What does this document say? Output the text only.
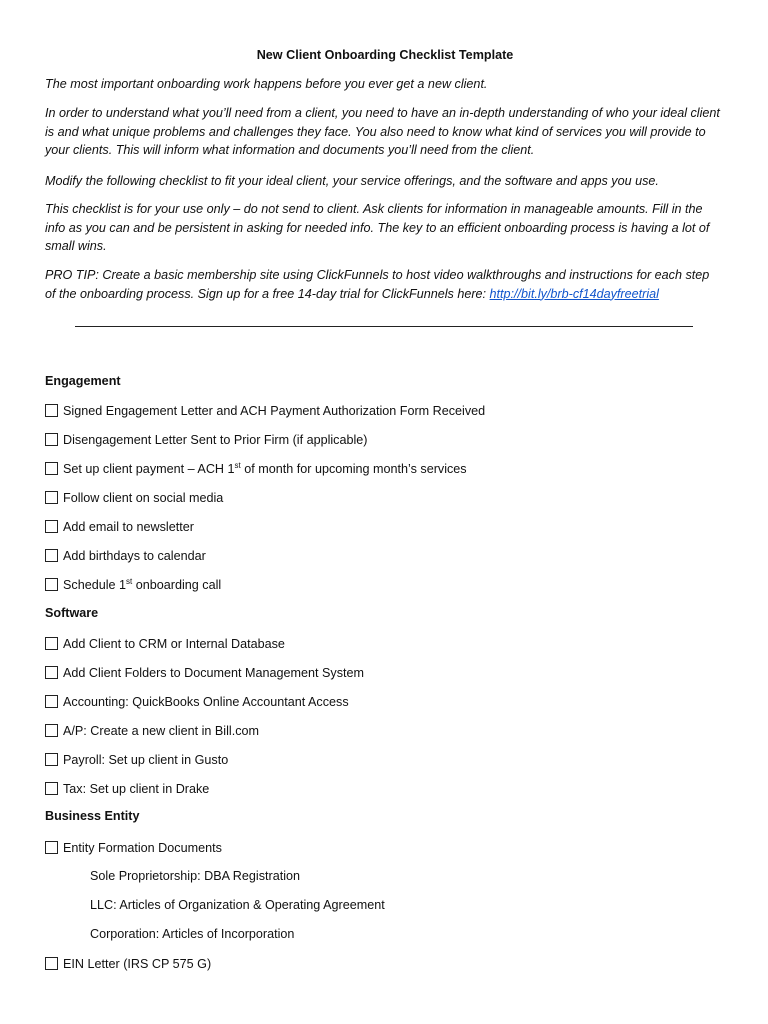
New Client Onboarding Checklist Template

The most important onboarding work happens before you ever get a new client.

In order to understand what you’ll need from a client, you need to have an in-depth understanding of who your ideal client is and what unique problems and challenges they face. You also need to know what kind of services you will provide to your clients. This will inform what information and documents you’ll need from the client.

Modify the following checklist to fit your ideal client, your service offerings, and the software and apps you use.

This checklist is for your use only – do not send to client. Ask clients for information in manageable amounts. Fill in the info as you can and be persistent in asking for needed info. The key to an efficient onboarding process is having a lot of small wins.

PRO TIP: Create a basic membership site using ClickFunnels to host video walkthroughs and instructions for each step of the onboarding process. Sign up for a free 14-day trial for ClickFunnels here: http://bit.ly/brb-cf14dayfreetrial

Engagement
Signed Engagement Letter and ACH Payment Authorization Form Received
Disengagement Letter Sent to Prior Firm (if applicable)
Set up client payment – ACH 1st of month for upcoming month’s services
Follow client on social media
Add email to newsletter
Add birthdays to calendar
Schedule 1st onboarding call
Software
Add Client to CRM or Internal Database
Add Client Folders to Document Management System
Accounting: QuickBooks Online Accountant Access
A/P: Create a new client in Bill.com
Payroll: Set up client in Gusto
Tax: Set up client in Drake
Business Entity
Entity Formation Documents
Sole Proprietorship: DBA Registration
LLC: Articles of Organization & Operating Agreement
Corporation: Articles of Incorporation
EIN Letter (IRS CP 575 G)
